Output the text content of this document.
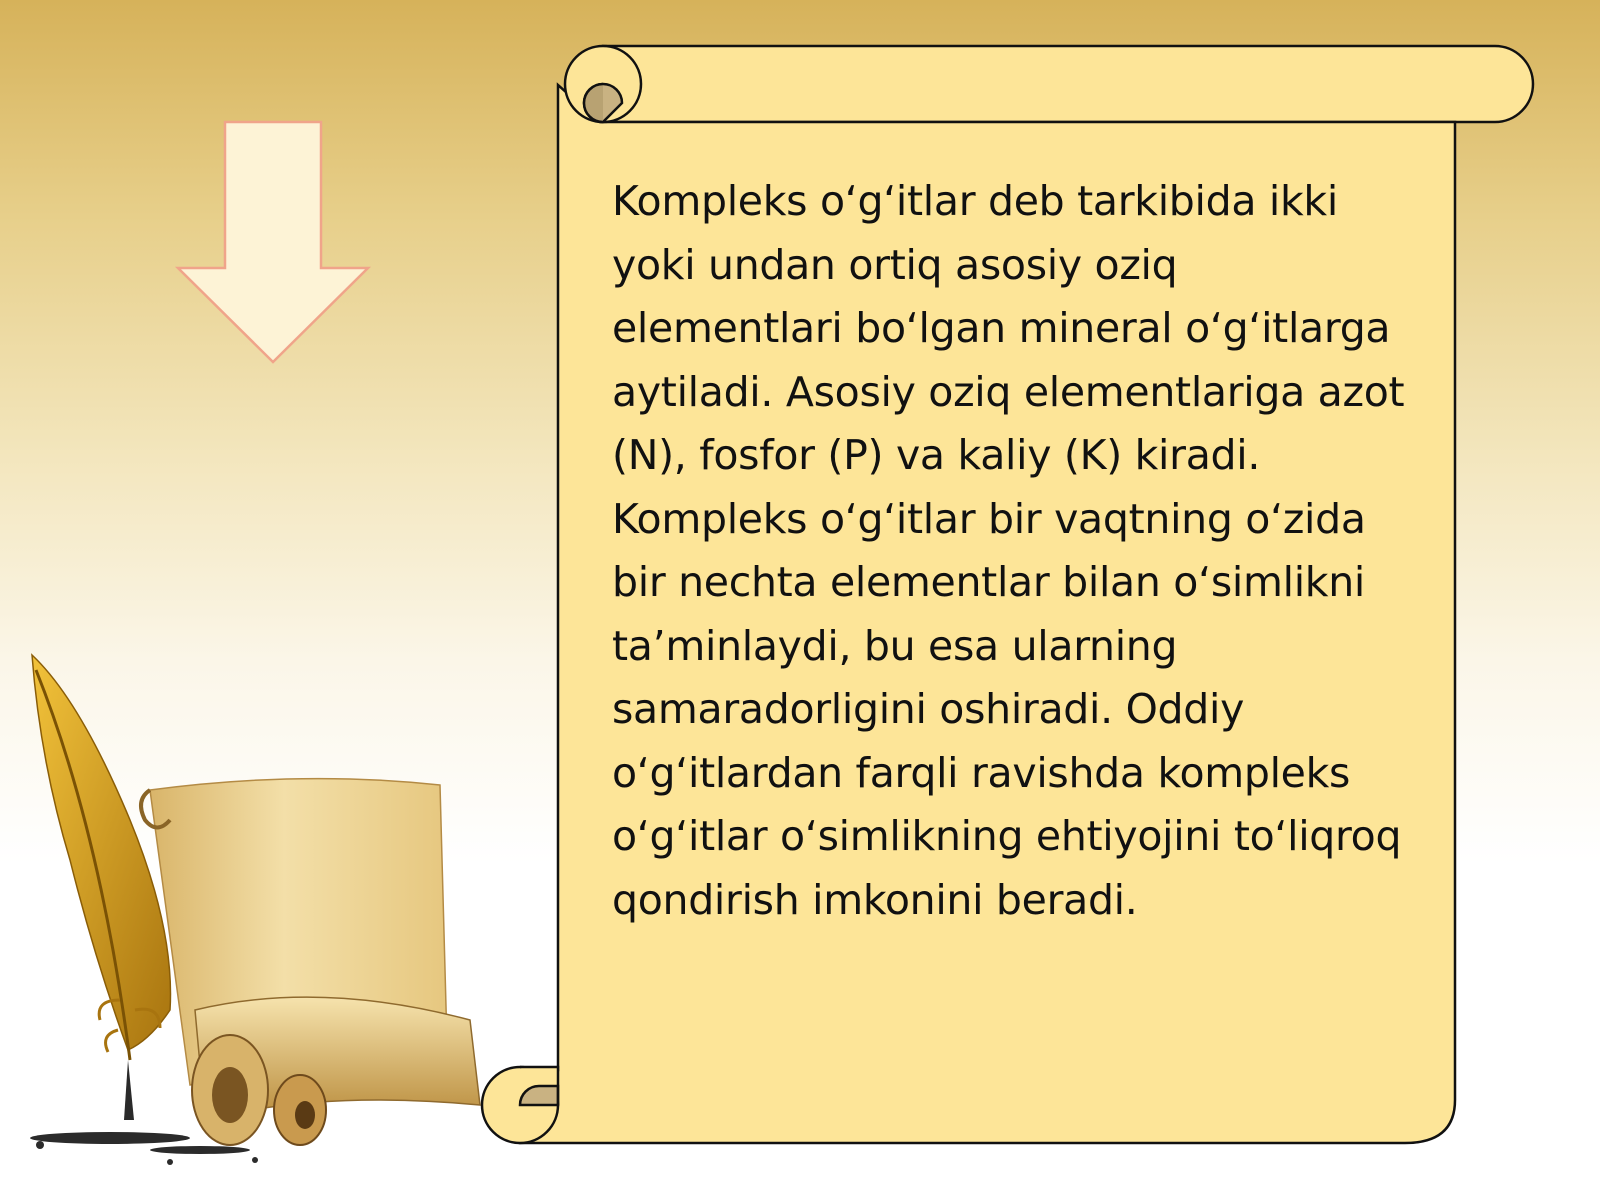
Kompleks o‘g‘itlar deb tarkibida ikki yoki undan ortiq asosiy oziq elementlari bo‘lgan mineral o‘g‘itlarga aytiladi. Asosiy oziq elementlariga azot (N), fosfor (P) va kaliy (K) kiradi. Kompleks o‘g‘itlar bir vaqtning o‘zida bir nechta elementlar bilan o‘simlikni ta’minlaydi, bu esa ularning samaradorligini oshiradi. Oddiy o‘g‘itlardan farqli ravishda kompleks o‘g‘itlar o‘simlikning ehtiyojini to‘liqroq qondirish imkonini beradi.
